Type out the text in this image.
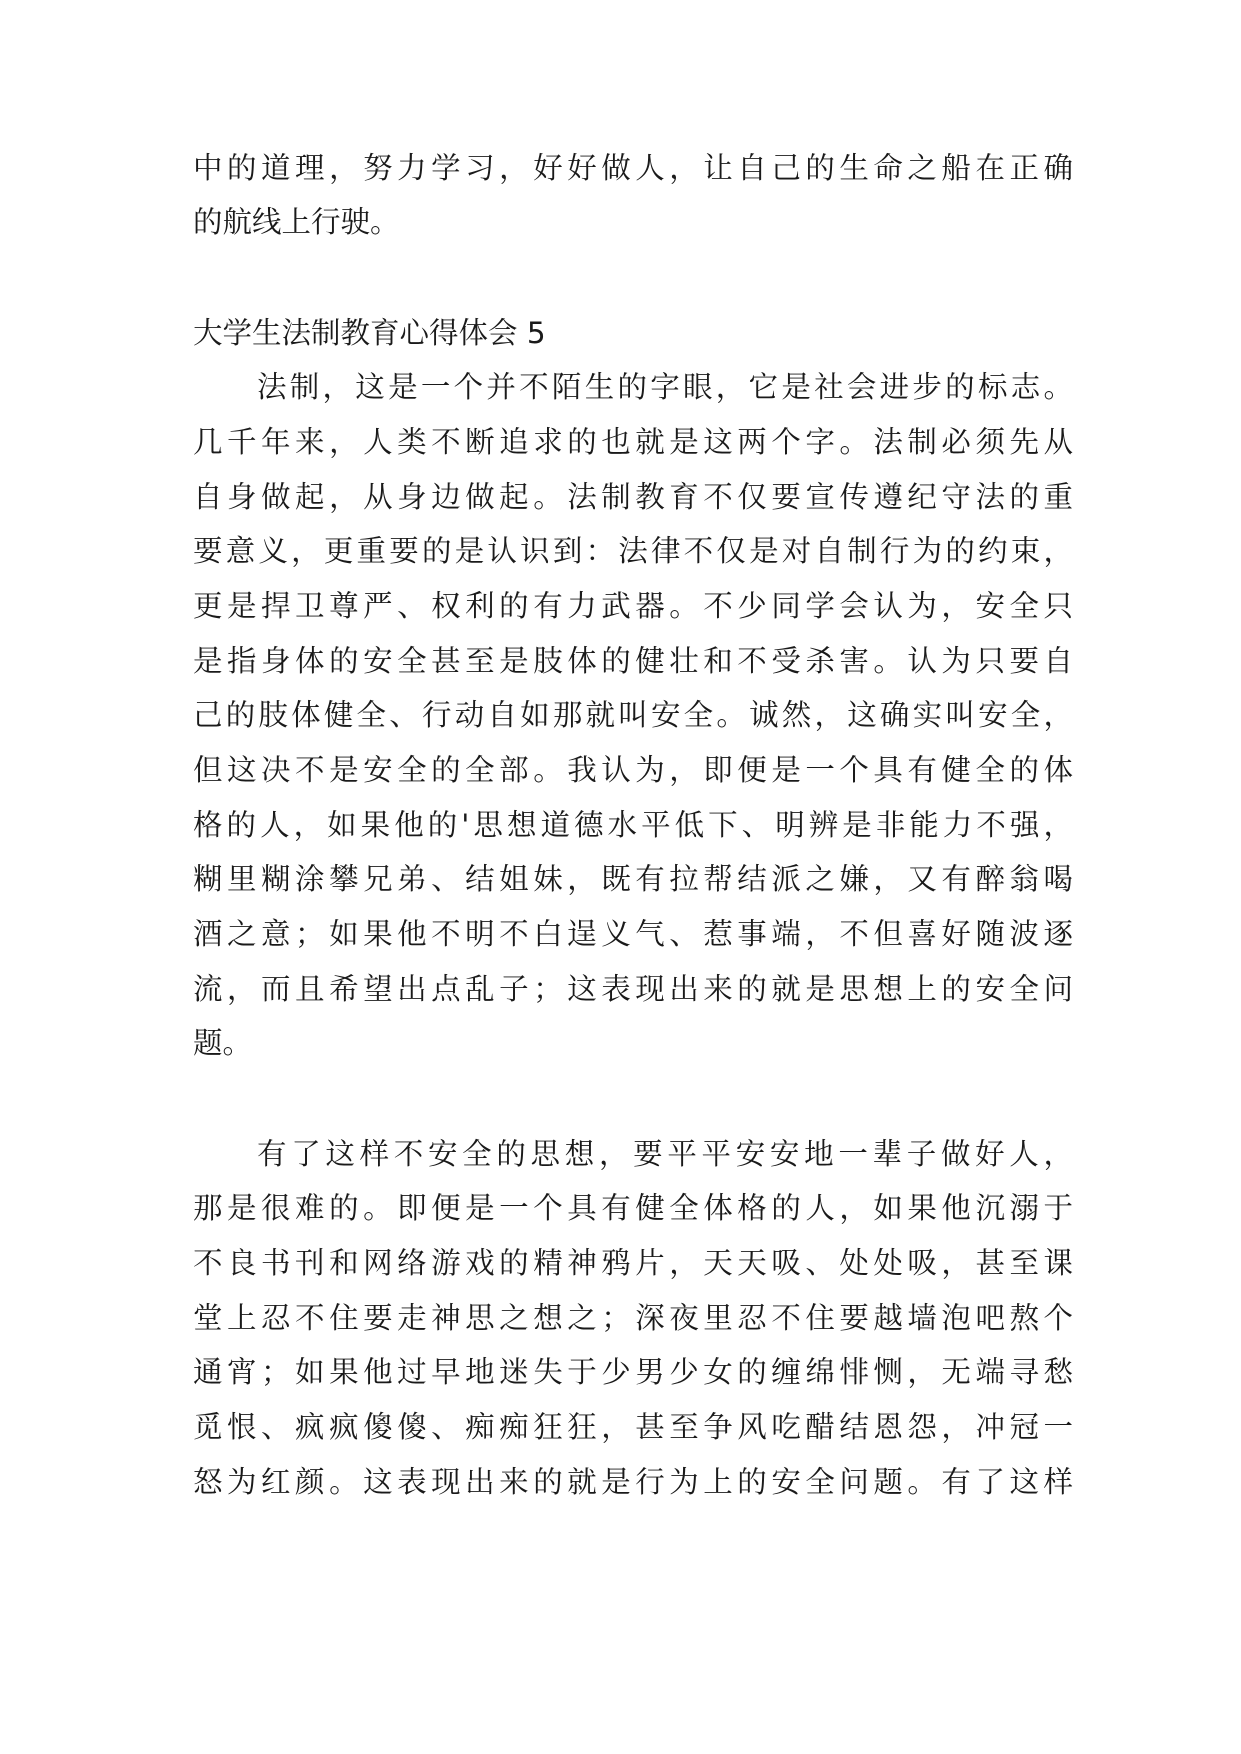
中的道理，努力学习，好好做人，让自己的生命之船在正确
的航线上行驶。
大学生法制教育心得体会 5
法制，这是一个并不陌生的字眼，它是社会进步的标志。
几千年来，人类不断追求的也就是这两个字。法制必须先从
自身做起，从身边做起。法制教育不仅要宣传遵纪守法的重
要意义，更重要的是认识到：法律不仅是对自制行为的约束，
更是捍卫尊严、权利的有力武器。不少同学会认为，安全只
是指身体的安全甚至是肢体的健壮和不受杀害。认为只要自
己的肢体健全、行动自如那就叫安全。诚然，这确实叫安全，
但这决不是安全的全部。我认为，即便是一个具有健全的体
格的人，如果他的'思想道德水平低下、明辨是非能力不强，
糊里糊涂攀兄弟、结姐妹，既有拉帮结派之嫌，又有醉翁喝
酒之意；如果他不明不白逞义气、惹事端，不但喜好随波逐
流，而且希望出点乱子；这表现出来的就是思想上的安全问
题。
有了这样不安全的思想，要平平安安地一辈子做好人，
那是很难的。即便是一个具有健全体格的人，如果他沉溺于
不良书刊和网络游戏的精神鸦片，天天吸、处处吸，甚至课
堂上忍不住要走神思之想之；深夜里忍不住要越墙泡吧熬个
通宵；如果他过早地迷失于少男少女的缠绵悱恻，无端寻愁
觅恨、疯疯傻傻、痴痴狂狂，甚至争风吃醋结恩怨，冲冠一
怒为红颜。这表现出来的就是行为上的安全问题。有了这样
